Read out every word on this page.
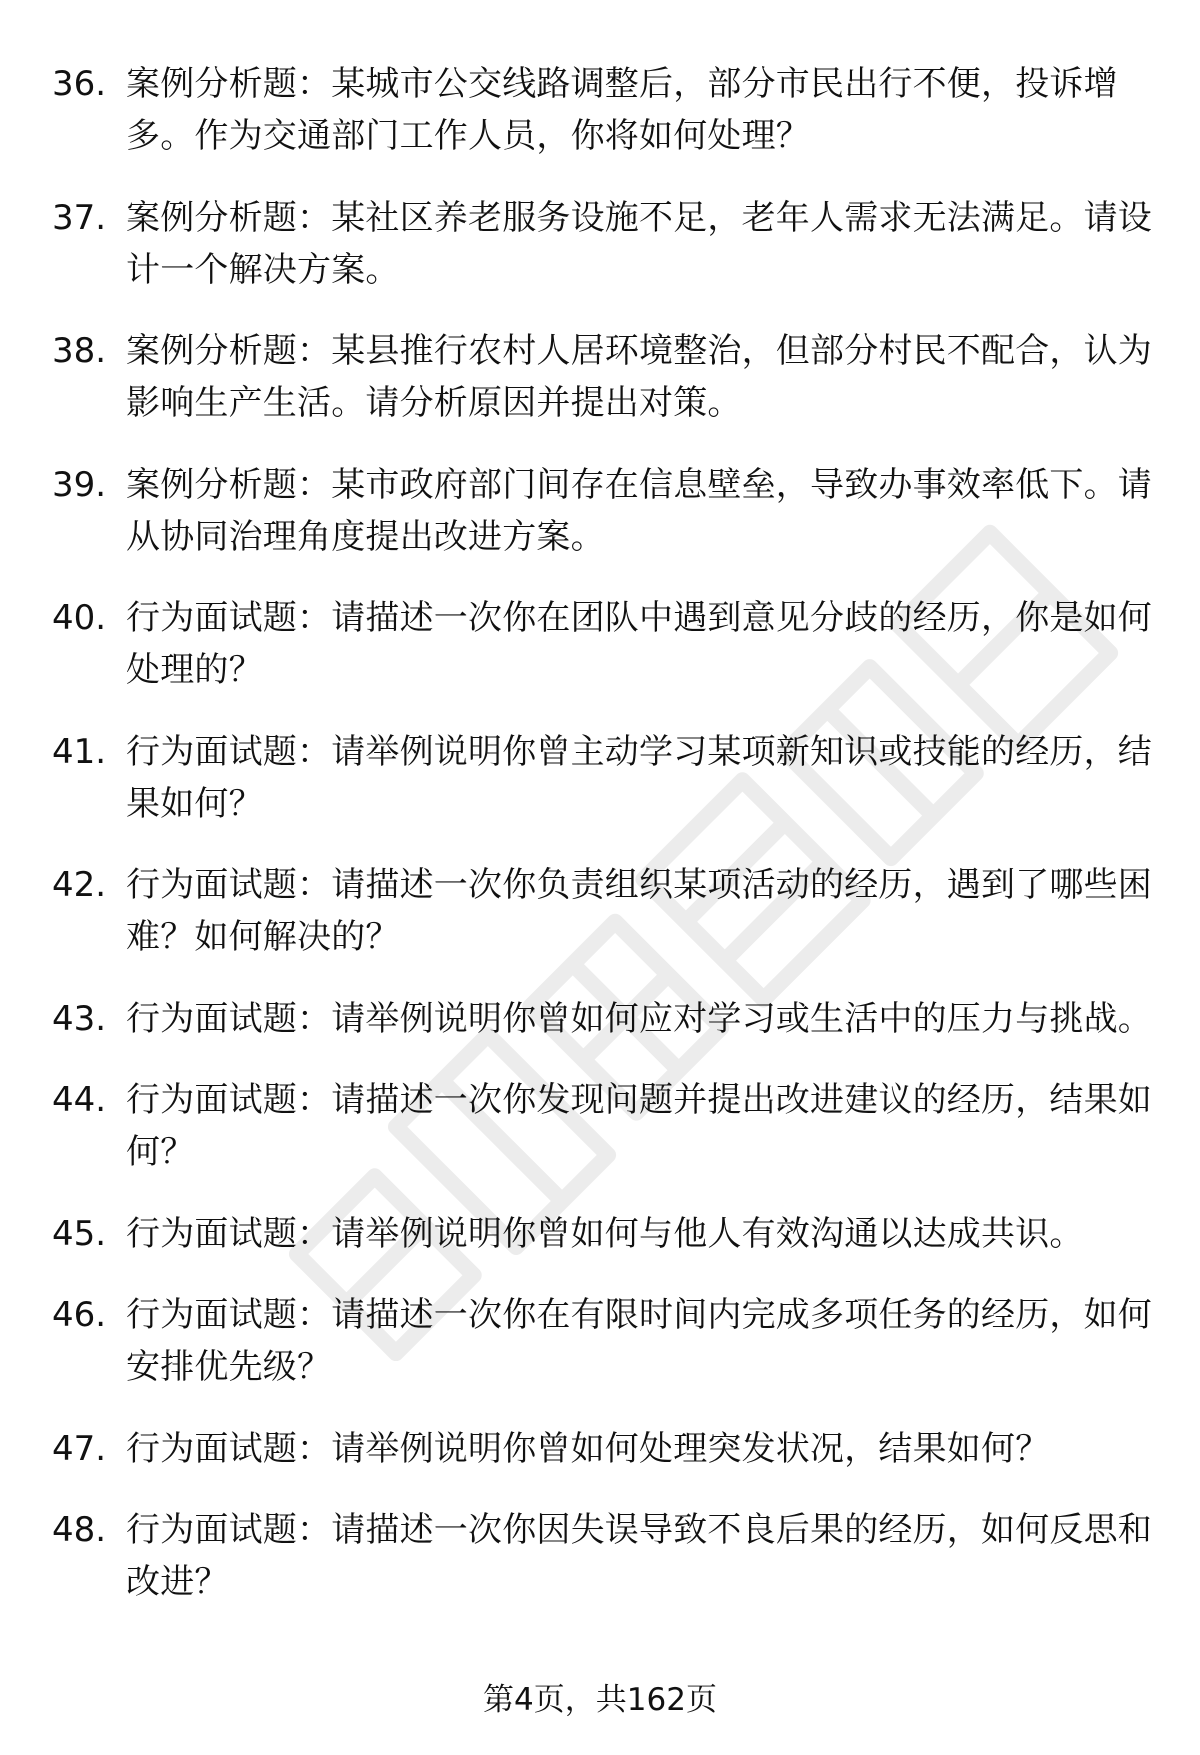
36. 案例分析题：某城市公交线路调整后，部分市民出行不便，投诉增多。作为交通部门工作人员，你将如何处理？
37. 案例分析题：某社区养老服务设施不足，老年人需求无法满足。请设计一个解决方案。
38. 案例分析题：某县推行农村人居环境整治，但部分村民不配合，认为影响生产生活。请分析原因并提出对策。
39. 案例分析题：某市政府部门间存在信息壁垒，导致办事效率低下。请从协同治理角度提出改进方案。
40. 行为面试题：请描述一次你在团队中遇到意见分歧的经历，你是如何处理的？
41. 行为面试题：请举例说明你曾主动学习某项新知识或技能的经历，结果如何？
42. 行为面试题：请描述一次你负责组织某项活动的经历，遇到了哪些困难？如何解决的？
43. 行为面试题：请举例说明你曾如何应对学习或生活中的压力与挑战。
44. 行为面试题：请描述一次你发现问题并提出改进建议的经历，结果如何？
45. 行为面试题：请举例说明你曾如何与他人有效沟通以达成共识。
46. 行为面试题：请描述一次你在有限时间内完成多项任务的经历，如何安排优先级？
47. 行为面试题：请举例说明你曾如何处理突发状况，结果如何？
48. 行为面试题：请描述一次你因失误导致不良后果的经历，如何反思和改进？
第4页，共162页
